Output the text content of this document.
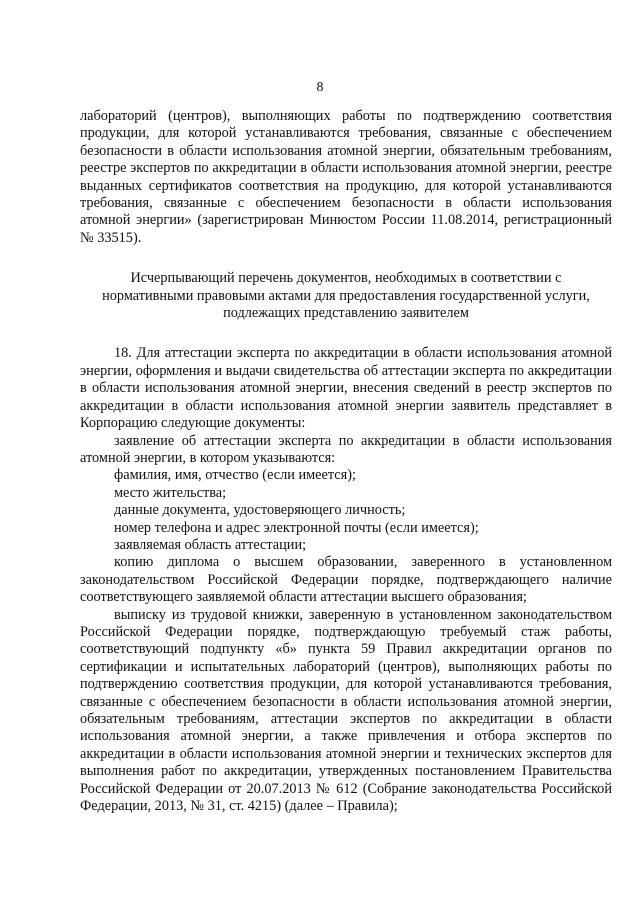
8

лабораторий (центров), выполняющих работы по подтверждению соответствия продукции, для которой устанавливаются требования, связанные с обеспечением безопасности в области использования атомной энергии, обязательным требованиям, реестре экспертов по аккредитации в области использования атомной энергии, реестре выданных сертификатов соответствия на продукцию, для которой устанавливаются требования, связанные с обеспечением безопасности в области использования атомной энергии» (зарегистрирован Минюстом России 11.08.2014, регистрационный № 33515).

Исчерпывающий перечень документов, необходимых в соответствии с
нормативными правовыми актами для предоставления государственной услуги,
подлежащих представлению заявителем

18. Для аттестации эксперта по аккредитации в области использования атомной энергии, оформления и выдачи свидетельства об аттестации эксперта по аккредитации в области использования атомной энергии, внесения сведений в реестр экспертов по аккредитации в области использования атомной энергии заявитель представляет в Корпорацию следующие документы:

заявление об аттестации эксперта по аккредитации в области использования атомной энергии, в котором указываются:

фамилия, имя, отчество (если имеется);

место жительства;

данные документа, удостоверяющего личность;

номер телефона и адрес электронной почты (если имеется);

заявляемая область аттестации;

копию диплома о высшем образовании, заверенного в установленном законодательством Российской Федерации порядке, подтверждающего наличие соответствующего заявляемой области аттестации высшего образования;

выписку из трудовой книжки, заверенную в установленном законодательством Российской Федерации порядке, подтверждающую требуемый стаж работы, соответствующий подпункту «б» пункта 59 Правил аккредитации органов по сертификации и испытательных лабораторий (центров), выполняющих работы по подтверждению соответствия продукции, для которой устанавливаются требования, связанные с обеспечением безопасности в области использования атомной энергии, обязательным требованиям, аттестации экспертов по аккредитации в области использования атомной энергии, а также привлечения и отбора экспертов по аккредитации в области использования атомной энергии и технических экспертов для выполнения работ по аккредитации, утвержденных постановлением Правительства Российской Федерации от 20.07.2013 № 612 (Собрание законодательства Российской Федерации, 2013, № 31, ст. 4215) (далее – Правила);
